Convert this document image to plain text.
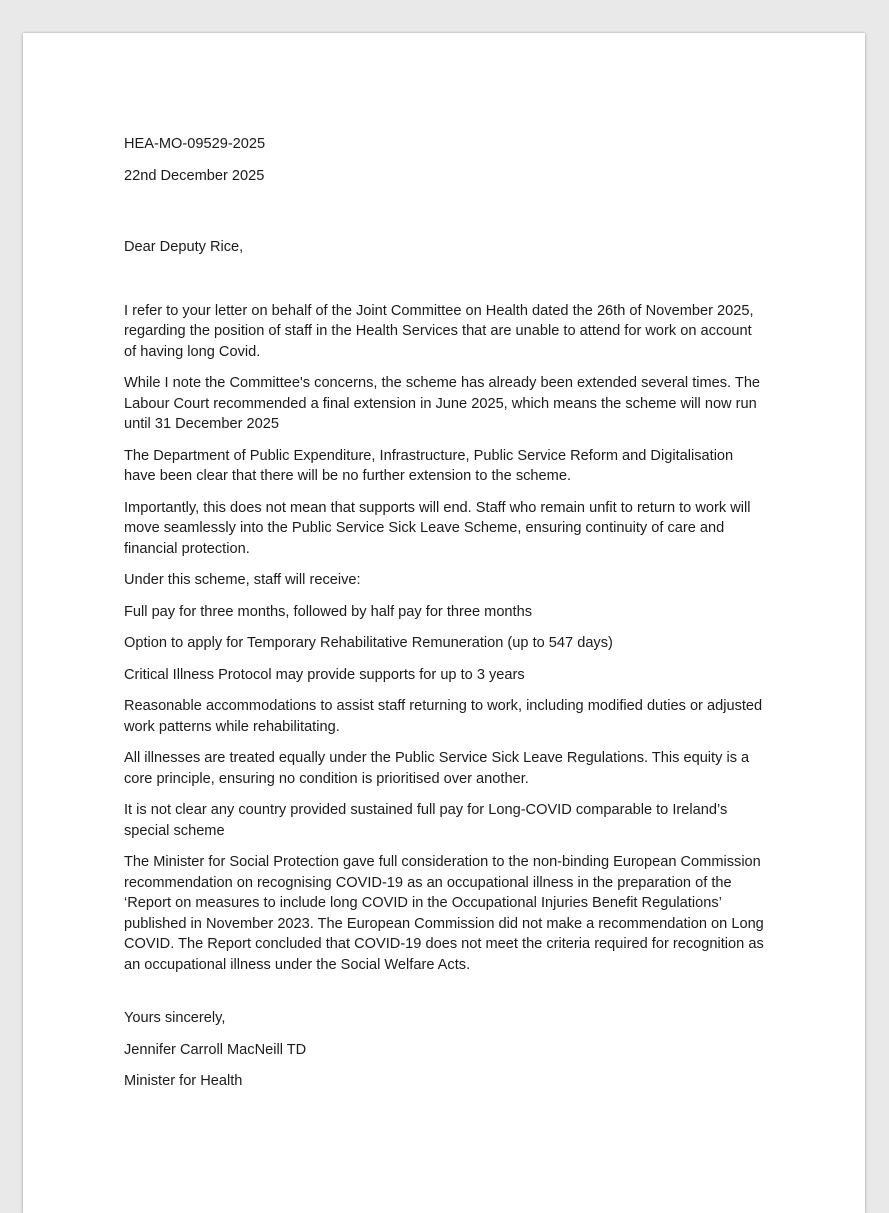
HEA-MO-09529-2025

22nd December 2025

Dear Deputy Rice,

I refer to your letter on behalf of the Joint Committee on Health dated the 26th of November 2025, regarding the position of staff in the Health Services that are unable to attend for work on account of having long Covid.

While I note the Committee's concerns, the scheme has already been extended several times. The Labour Court recommended a final extension in June 2025, which means the scheme will now run until 31 December 2025

The Department of Public Expenditure, Infrastructure, Public Service Reform and Digitalisation have been clear that there will be no further extension to the scheme.

Importantly, this does not mean that supports will end. Staff who remain unfit to return to work will move seamlessly into the Public Service Sick Leave Scheme, ensuring continuity of care and financial protection.

Under this scheme, staff will receive:

Full pay for three months, followed by half pay for three months

Option to apply for Temporary Rehabilitative Remuneration (up to 547 days)

Critical Illness Protocol may provide supports for up to 3 years

Reasonable accommodations to assist staff returning to work, including modified duties or adjusted work patterns while rehabilitating.

All illnesses are treated equally under the Public Service Sick Leave Regulations. This equity is a core principle, ensuring no condition is prioritised over another.

It is not clear any country provided sustained full pay for Long-COVID comparable to Ireland’s special scheme

The Minister for Social Protection gave full consideration to the non-binding European Commission recommendation on recognising COVID-19 as an occupational illness in the preparation of the ‘Report on measures to include long COVID in the Occupational Injuries Benefit Regulations’ published in November 2023. The European Commission did not make a recommendation on Long COVID. The Report concluded that COVID-19 does not meet the criteria required for recognition as an occupational illness under the Social Welfare Acts.

Yours sincerely,

Jennifer Carroll MacNeill TD

Minister for Health
